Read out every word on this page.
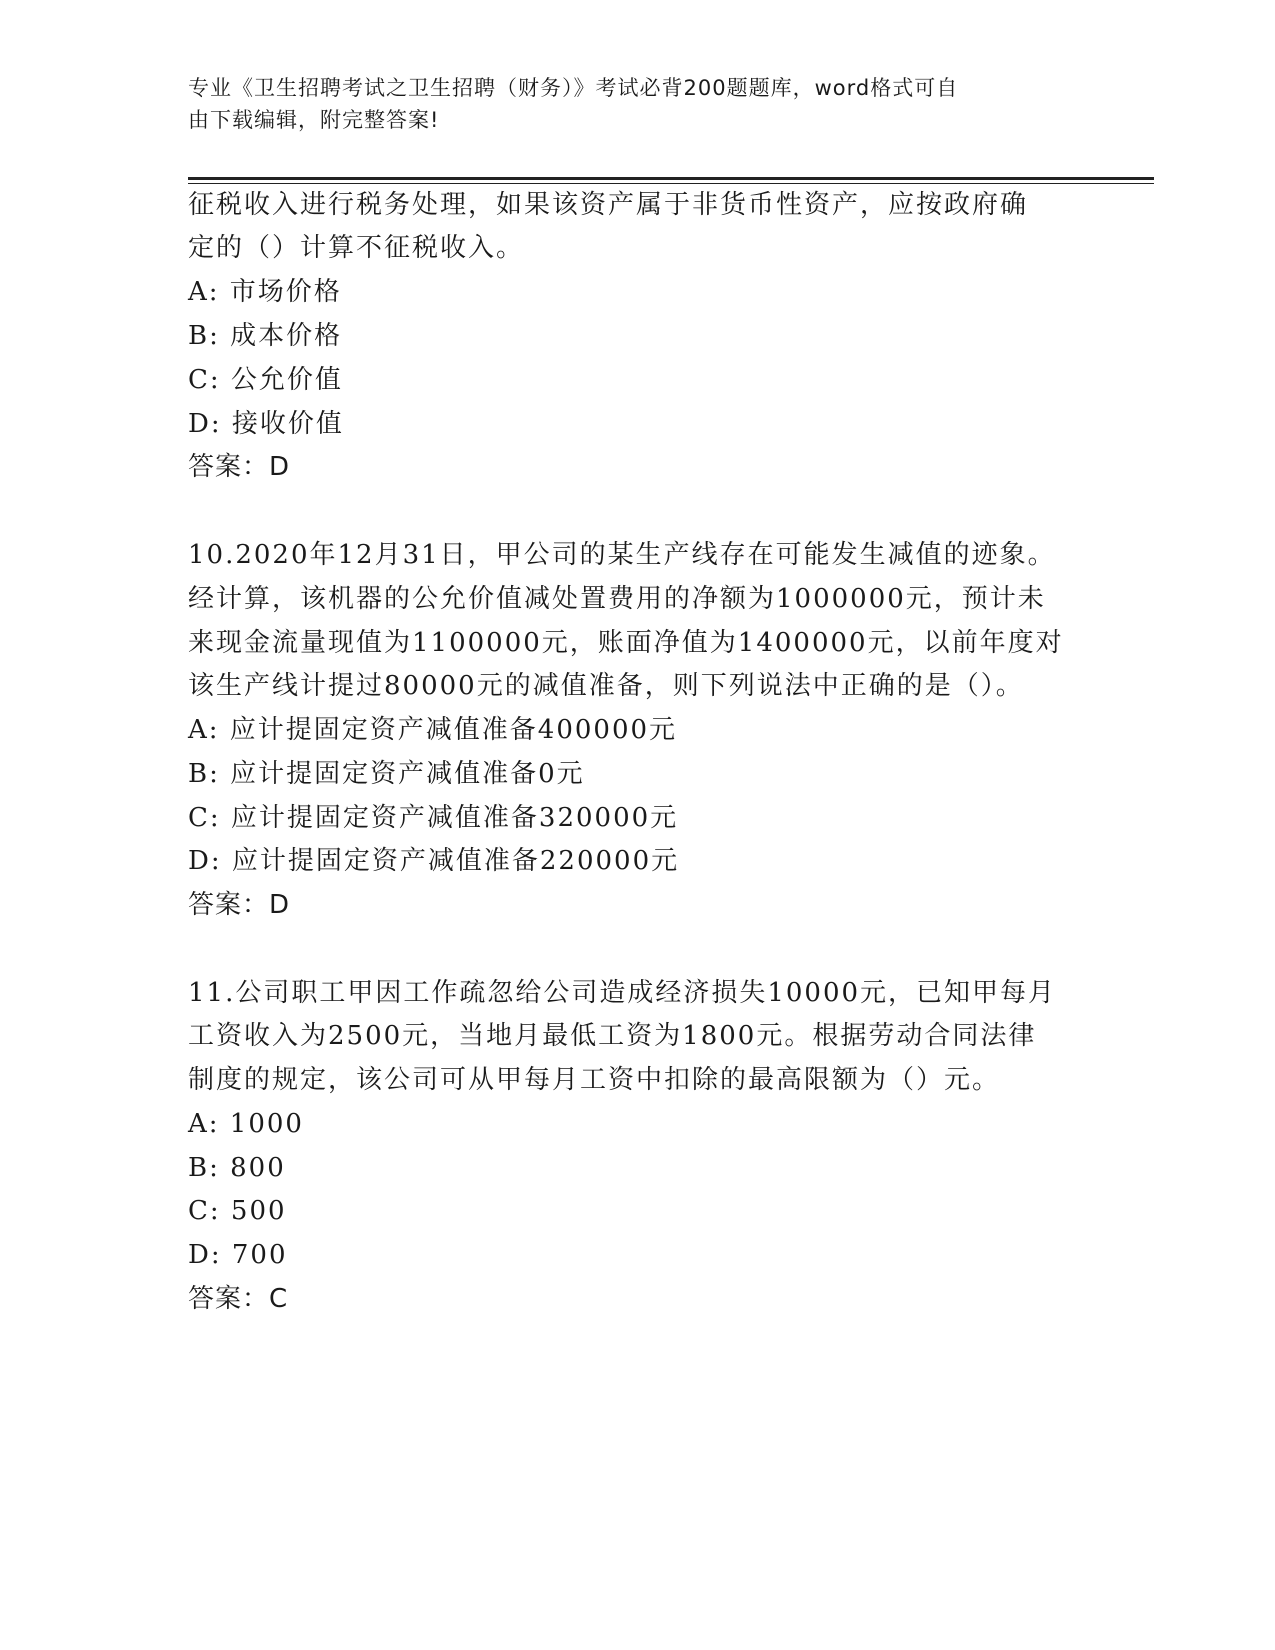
专业《卫生招聘考试之卫生招聘（财务）》考试必背200题题库，word格式可自
由下载编辑，附完整答案!
征税收入进行税务处理，如果该资产属于非货币性资产，应按政府确
定的（）计算不征税收入。
A: 市场价格
B: 成本价格
C: 公允价值
D: 接收价值
答案：D
10.2020年12月31日，甲公司的某生产线存在可能发生减值的迹象。
经计算，该机器的公允价值减处置费用的净额为1000000元，预计未
来现金流量现值为1100000元，账面净值为1400000元，以前年度对
该生产线计提过80000元的减值准备，则下列说法中正确的是（）。
A: 应计提固定资产减值准备400000元
B: 应计提固定资产减值准备0元
C: 应计提固定资产减值准备320000元
D: 应计提固定资产减值准备220000元
答案：D
11.公司职工甲因工作疏忽给公司造成经济损失10000元，已知甲每月
工资收入为2500元，当地月最低工资为1800元。根据劳动合同法律
制度的规定，该公司可从甲每月工资中扣除的最高限额为（）元。
A: 1000
B: 800
C: 500
D: 700
答案：C
